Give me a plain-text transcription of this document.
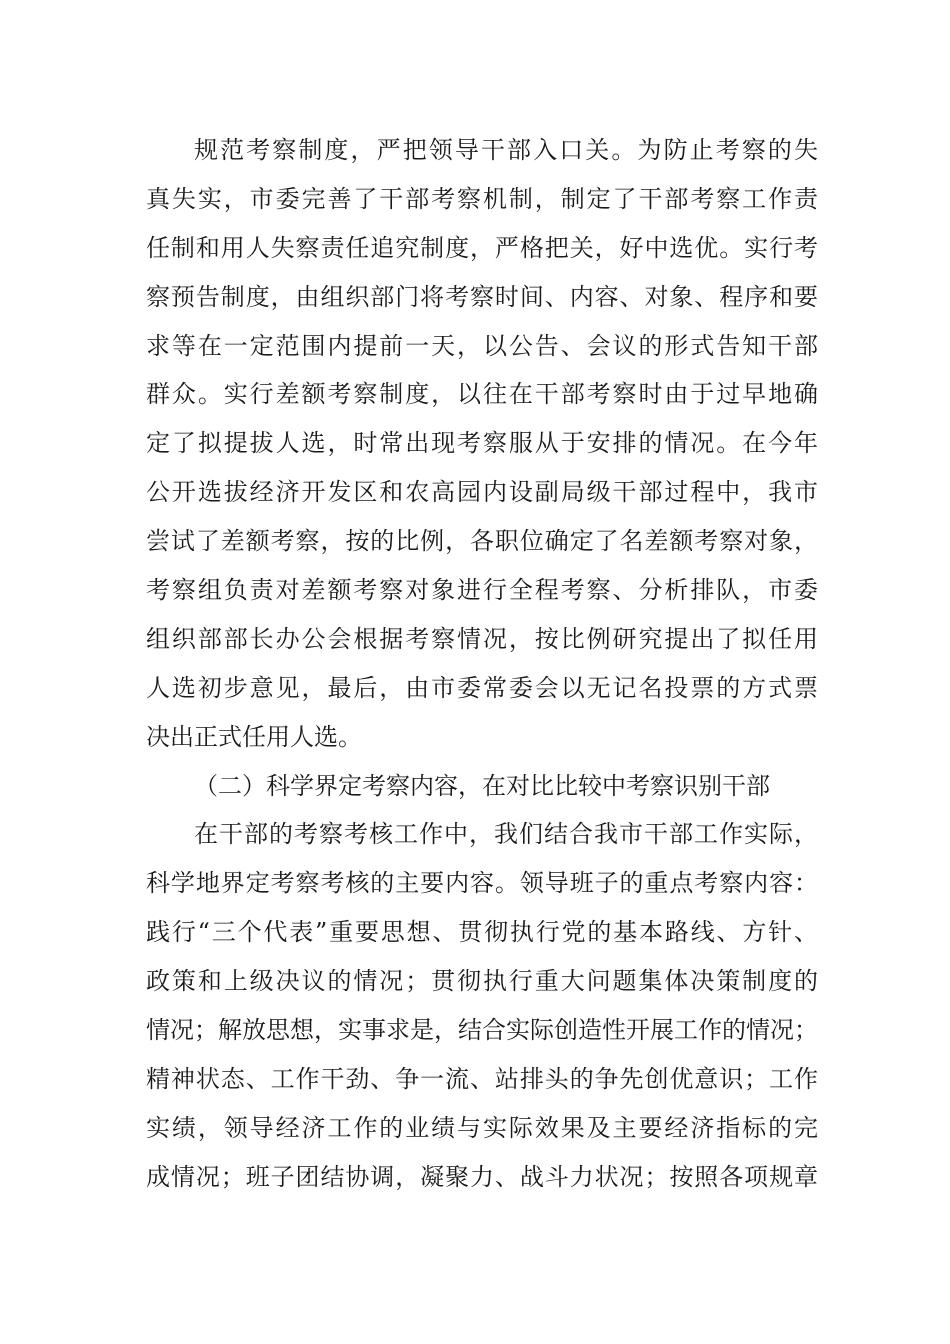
规范考察制度，严把领导干部入口关。为防止考察的失
真失实，市委完善了干部考察机制，制定了干部考察工作责
任制和用人失察责任追究制度，严格把关，好中选优。实行考
察预告制度，由组织部门将考察时间、内容、对象、程序和要
求等在一定范围内提前一天，以公告、会议的形式告知干部
群众。实行差额考察制度，以往在干部考察时由于过早地确
定了拟提拔人选，时常出现考察服从于安排的情况。在今年
公开选拔经济开发区和农高园内设副局级干部过程中，我市
尝试了差额考察，按的比例，各职位确定了名差额考察对象，
考察组负责对差额考察对象进行全程考察、分析排队，市委
组织部部长办公会根据考察情况，按比例研究提出了拟任用
人选初步意见，最后，由市委常委会以无记名投票的方式票
决出正式任用人选。
（二）科学界定考察内容，在对比比较中考察识别干部
在干部的考察考核工作中，我们结合我市干部工作实际，
科学地界定考察考核的主要内容。领导班子的重点考察内容：
践行“三个代表”重要思想、贯彻执行党的基本路线、方针、
政策和上级决议的情况；贯彻执行重大问题集体决策制度的
情况；解放思想，实事求是，结合实际创造性开展工作的情况；
精神状态、工作干劲、争一流、站排头的争先创优意识；工作
实绩，领导经济工作的业绩与实际效果及主要经济指标的完
成情况；班子团结协调，凝聚力、战斗力状况；按照各项规章
